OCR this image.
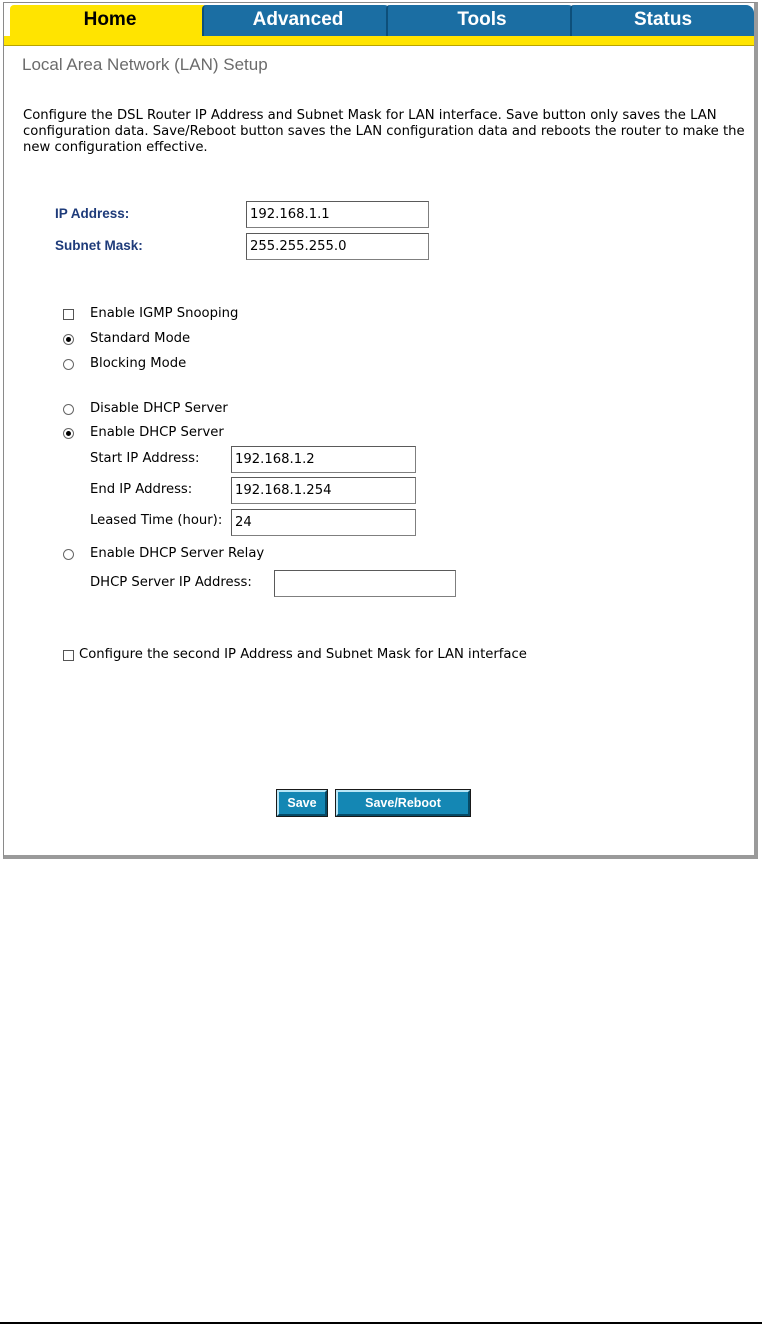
Home	Advanced	Tools	Status
Local Area Network (LAN) Setup
Configure the DSL Router IP Address and Subnet Mask for LAN interface. Save button only saves the LAN configuration data. Save/Reboot button saves the LAN configuration data and reboots the router to make the new configuration effective.
IP Address:	192.168.1.1
Subnet Mask:	255.255.255.0
Enable IGMP Snooping
Standard Mode
Blocking Mode
Disable DHCP Server
Enable DHCP Server
Start IP Address:	192.168.1.2
End IP Address:	192.168.1.254
Leased Time (hour): 24
Enable DHCP Server Relay
DHCP Server IP Address:
Configure the second IP Address and Subnet Mask for LAN interface
Save	Save/Reboot
